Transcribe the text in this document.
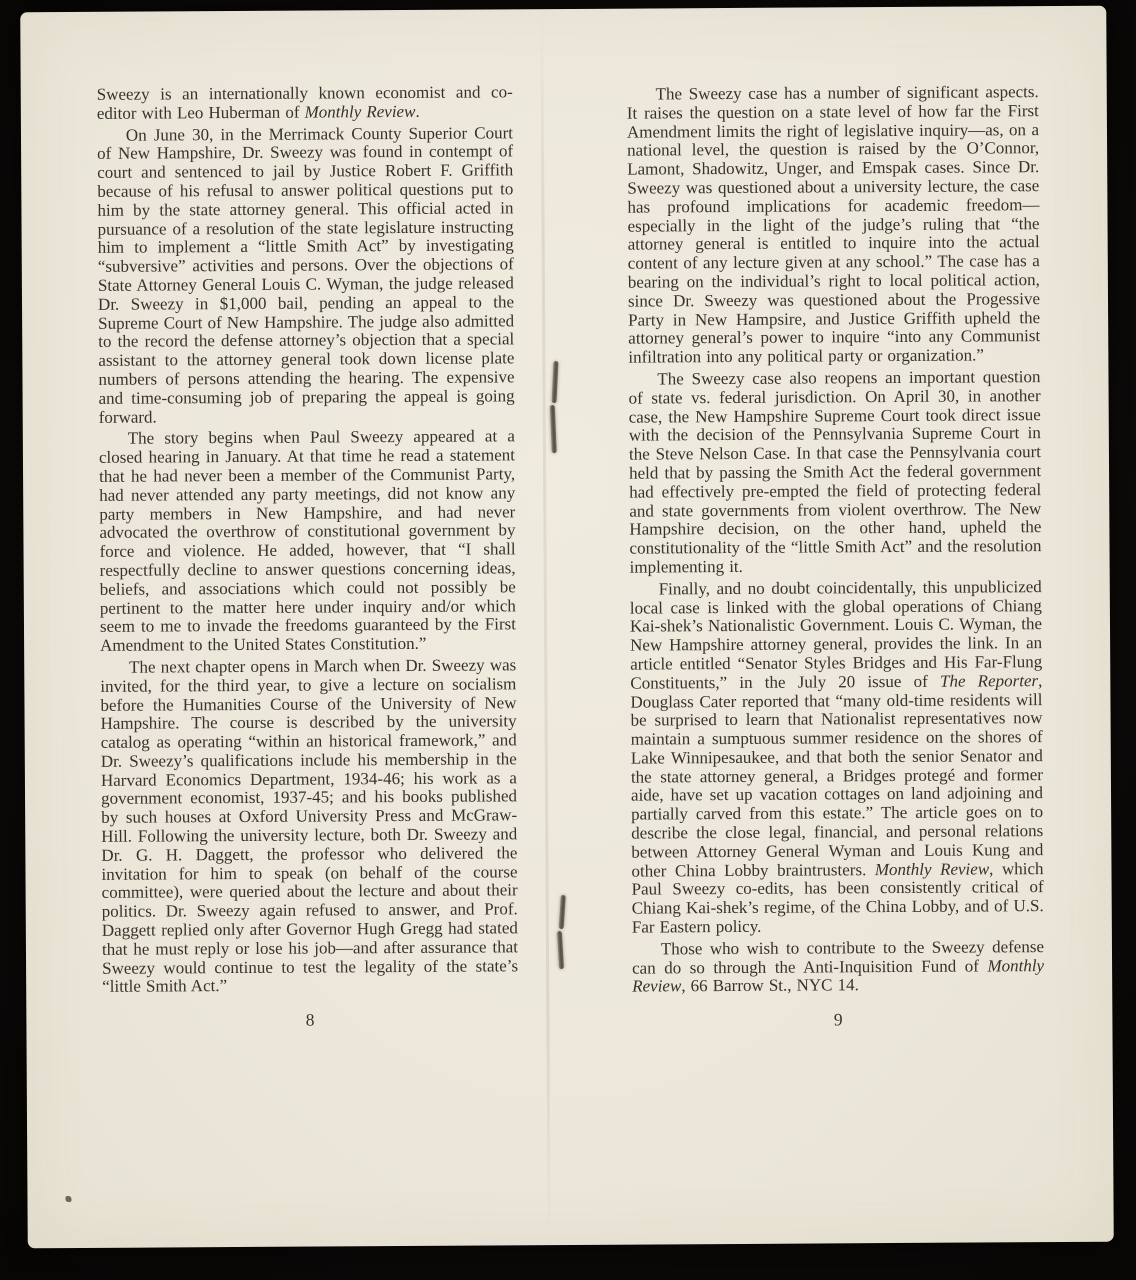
Sweezy is an internationally known economist and co-editor with Leo Huberman of Monthly Review.

On June 30, in the Merrimack County Superior Court of New Hampshire, Dr. Sweezy was found in contempt of court and sentenced to jail by Justice Robert F. Griffith because of his refusal to answer political questions put to him by the state attorney general. This official acted in pursuance of a resolution of the state legislature instructing him to implement a “little Smith Act” by investigating “subversive” activities and persons. Over the objections of State Attorney General Louis C. Wyman, the judge released Dr. Sweezy in $1,000 bail, pending an appeal to the Supreme Court of New Hampshire. The judge also admitted to the record the defense attorney’s objection that a special assistant to the attorney general took down license plate numbers of persons attending the hearing. The expensive and time-consuming job of preparing the appeal is going forward.

The story begins when Paul Sweezy appeared at a closed hearing in January. At that time he read a statement that he had never been a member of the Communist Party, had never attended any party meetings, did not know any party members in New Hampshire, and had never advocated the overthrow of constitutional government by force and violence. He added, however, that “I shall respectfully decline to answer questions concerning ideas, beliefs, and associations which could not possibly be pertinent to the matter here under inquiry and/or which seem to me to invade the freedoms guaranteed by the First Amendment to the United States Constitution.”

The next chapter opens in March when Dr. Sweezy was invited, for the third year, to give a lecture on socialism before the Humanities Course of the University of New Hampshire. The course is described by the university catalog as operating “within an historical framework,” and Dr. Sweezy’s qualifications include his membership in the Harvard Economics Department, 1934-46; his work as a government economist, 1937-45; and his books published by such houses at Oxford University Press and McGraw-Hill. Following the university lecture, both Dr. Sweezy and Dr. G. H. Daggett, the professor who delivered the invitation for him to speak (on behalf of the course committee), were queried about the lecture and about their politics. Dr. Sweezy again refused to answer, and Prof. Daggett replied only after Governor Hugh Gregg had stated that he must reply or lose his job—and after assurance that Sweezy would continue to test the legality of the state’s “little Smith Act.”

8

The Sweezy case has a number of significant aspects. It raises the question on a state level of how far the First Amendment limits the right of legislative inquiry—as, on a national level, the question is raised by the O’Connor, Lamont, Shadowitz, Unger, and Emspak cases. Since Dr. Sweezy was questioned about a university lecture, the case has profound implications for academic freedom—especially in the light of the judge’s ruling that “the attorney general is entitled to inquire into the actual content of any lecture given at any school.” The case has a bearing on the individual’s right to local political action, since Dr. Sweezy was questioned about the Progessive Party in New Hampsire, and Justice Griffith upheld the attorney general’s power to inquire “into any Communist infiltration into any political party or organization.”

The Sweezy case also reopens an important question of state vs. federal jurisdiction. On April 30, in another case, the New Hampshire Supreme Court took direct issue with the decision of the Pennsylvania Supreme Court in the Steve Nelson Case. In that case the Pennsylvania court held that by passing the Smith Act the federal government had effectively pre-empted the field of protecting federal and state governments from violent overthrow. The New Hampshire decision, on the other hand, upheld the constitutionality of the “little Smith Act” and the resolution implementing it.

Finally, and no doubt coincidentally, this unpublicized local case is linked with the global operations of Chiang Kai-shek’s Nationalistic Government. Louis C. Wyman, the New Hampshire attorney general, provides the link. In an article entitled “Senator Styles Bridges and His Far-Flung Constituents,” in the July 20 issue of The Reporter, Douglass Cater reported that “many old-time residents will be surprised to learn that Nationalist representatives now maintain a sumptuous summer residence on the shores of Lake Winnipesaukee, and that both the senior Senator and the state attorney general, a Bridges protegé and former aide, have set up vacation cottages on land adjoining and partially carved from this estate.” The article goes on to describe the close legal, financial, and personal relations between Attorney General Wyman and Louis Kung and other China Lobby braintrusters. Monthly Review, which Paul Sweezy co-edits, has been consistently critical of Chiang Kai-shek’s regime, of the China Lobby, and of U.S. Far Eastern policy.

Those who wish to contribute to the Sweezy defense can do so through the Anti-Inquisition Fund of Monthly Review, 66 Barrow St., NYC 14.

9
